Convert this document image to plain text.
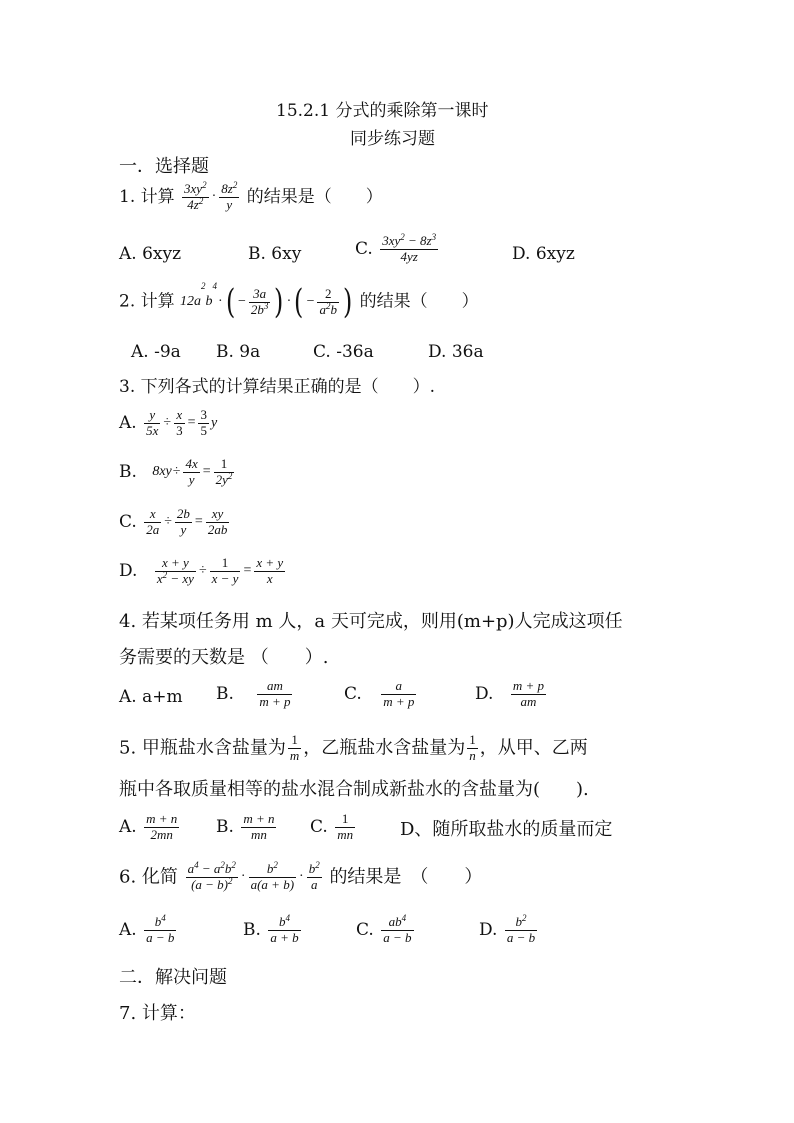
15.2.1 分式的乘除第一课时
同步练习题
一．选择题
1. 计算 $\frac{3xy^2}{4z^2} \cdot \frac{8z^2}{y}$ 的结果是（　　）
A. 6xyz	B. 6xy	C. $\frac{3xy^2 - 8z^3}{4yz}$	D. 6xyz
2. 计算 $12a^2b^4\cdot( - \frac{3a}{2b^3}$ ) ·( − $\frac{2}{a^2b}$ ) 的结果（　　）
A. -9a B. 9a	C. -36a	D. 36a
3. 下列各式的计算结果正确的是（　　）.
A. $\frac{y}{5x} \div \frac{x}{3} = \frac{3}{5}$ y
B. $8xy\div \frac{4x}{y} = \frac{1}{2y^2}$
C. $\frac{x}{2a} \div \frac{2b}{y} = \frac{xy}{2ab}$
D. $\frac{x + y}{x^2 - xy} \div \frac{1}{x - y} = \frac{x + y}{x}$
4. 若某项任务用 m 人，a 天可完成，则用(m+p)人完成这项任
务需要的天数是 （　　）.
A. a+m B. $\frac{am}{m + p}$	C. $\frac{a}{m + p}$	D. $\frac{m + p}{am}$
5. 甲瓶盐水含盐量为 $\frac{1}{m}$ ，乙瓶盐水含盐量为 $\frac{1}{n}$ ，从甲、乙两
瓶中各取质量相等的盐水混合制成新盐水的含盐量为(　　).
A. $\frac{m + n}{2mn} B$. $\frac{m + n}{mn} C$. $\frac{1}{mn}$ D、随所取盐水的质量而定
6. 化简 $\frac{a^4 - a^2b^2}{(a - b)^2} \cdot \frac{b^2}{a(a + b)} \cdot \frac{b^2}{a}$ 的结果是　（　　）
A. $\frac{b^4}{a - b}$	B. $\frac{b^4}{a + b}$	C. $\frac{ab^4}{a - b}$	D. $\frac{b^2}{a - b}$
二．解决问题
7. 计算：
